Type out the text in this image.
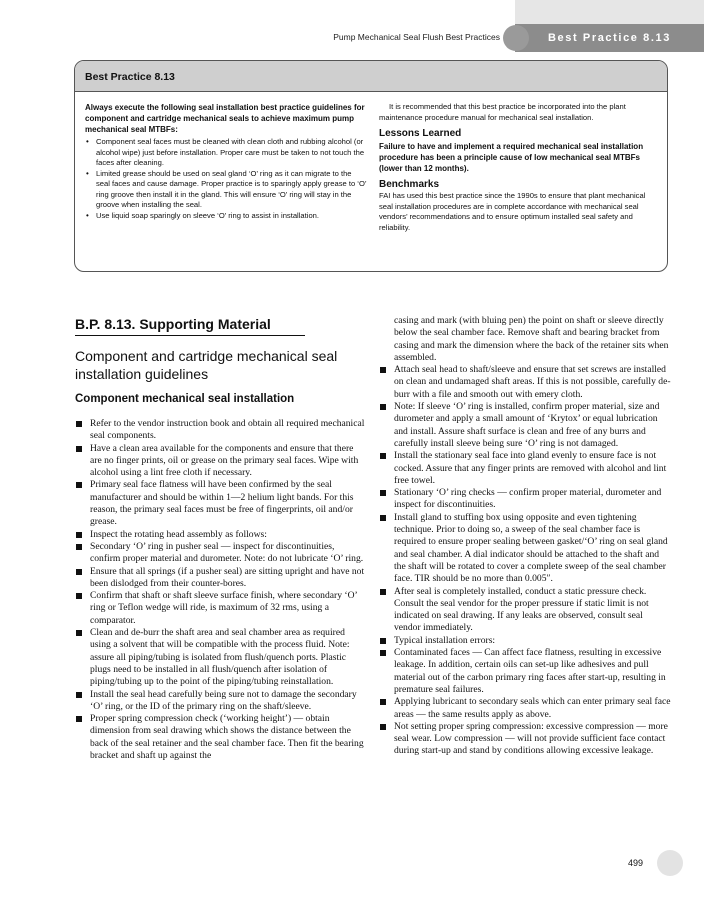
Pump Mechanical Seal Flush Best Practices	Best Practice 8.13
Best Practice 8.13

Always execute the following seal installation best practice guidelines for component and cartridge mechanical seals to achieve maximum pump mechanical seal MTBFs:

• Component seal faces must be cleaned with clean cloth and rubbing alcohol (or alcohol wipe) just before installation. Proper care must be taken to not touch the faces after cleaning.
• Limited grease should be used on seal gland ‘O’ ring as it can migrate to the seal faces and cause damage. Proper practice is to sparingly apply grease to ‘O’ ring groove then install it in the gland. This will ensure ‘O’ ring will stay in the groove when installing the seal.
• Use liquid soap sparingly on sleeve ‘O’ ring to assist in installation.

It is recommended that this best practice be incorporated into the plant maintenance procedure manual for mechanical seal installation.

Lessons Learned

Failure to have and implement a required mechanical seal installation procedure has been a principle cause of low mechanical seal MTBFs (lower than 12 months).

Benchmarks

FAI has used this best practice since the 1990s to ensure that plant mechanical seal installation procedures are in complete accordance with mechanical seal vendors’ recommendations and to ensure optimum installed seal safety and reliability.

B.P. 8.13. Supporting Material
Component and cartridge mechanical seal installation guidelines
Component mechanical seal installation
Refer to the vendor instruction book and obtain all required mechanical seal components.
Have a clean area available for the components and ensure that there are no finger prints, oil or grease on the primary seal faces. Wipe with alcohol using a lint free cloth if necessary.
Primary seal face flatness will have been confirmed by the seal manufacturer and should be within 1—2 helium light bands. For this reason, the primary seal faces must be free of fingerprints, oil and/or grease.
Inspect the rotating head assembly as follows:
Secondary ‘O’ ring in pusher seal — inspect for discontinuities, confirm proper material and durometer. Note: do not lubricate ‘O’ ring.
Ensure that all springs (if a pusher seal) are sitting upright and have not been dislodged from their counter-bores.
Confirm that shaft or shaft sleeve surface finish, where secondary ‘O’ ring or Teflon wedge will ride, is maximum of 32 rms, using a comparator.
Clean and de-burr the shaft area and seal chamber area as required using a solvent that will be compatible with the process fluid. Note: assure all piping/tubing is isolated from flush/quench ports. Plastic plugs need to be installed in all flush/quench after isolation of piping/tubing up to the point of the piping/tubing reinstallation.
Install the seal head carefully being sure not to damage the secondary ‘O’ ring, or the ID of the primary ring on the shaft/sleeve.
Proper spring compression check (‘working height’) — obtain dimension from seal drawing which shows the distance between the back of the seal retainer and the seal chamber face. Then fit the bearing bracket and shaft up against the

casing and mark (with bluing pen) the point on shaft or sleeve directly below the seal chamber face. Remove shaft and bearing bracket from casing and mark the dimension where the back of the retainer sits when assembled.

Attach seal head to shaft/sleeve and ensure that set screws are installed on clean and undamaged shaft areas. If this is not possible, carefully de-burr with a file and smooth out with emery cloth.
Note: If sleeve ‘O’ ring is installed, confirm proper material, size and durometer and apply a small amount of ‘Krytox’ or equal lubrication and install. Assure shaft surface is clean and free of any burrs and carefully install sleeve being sure ‘O’ ring is not damaged.
Install the stationary seal face into gland evenly to ensure face is not cocked. Assure that any finger prints are removed with alcohol and lint free towel.
Stationary ‘O’ ring checks — confirm proper material, durometer and inspect for discontinuities.
Install gland to stuffing box using opposite and even tightening technique. Prior to doing so, a sweep of the seal chamber face is required to ensure proper sealing between gasket/‘O’ ring on seal gland and seal chamber. A dial indicator should be attached to the shaft and the shaft will be rotated to cover a complete sweep of the seal chamber face. TIR should be no more than 0.005″.
After seal is completely installed, conduct a static pressure check. Consult the seal vendor for the proper pressure if static limit is not indicated on seal drawing. If any leaks are observed, consult seal vendor immediately.
Typical installation errors:
Contaminated faces — Can affect face flatness, resulting in excessive leakage. In addition, certain oils can set-up like adhesives and pull material out of the carbon primary ring faces after start-up, resulting in premature seal failures.
Applying lubricant to secondary seals which can enter primary seal face areas — the same results apply as above.
Not setting proper spring compression: excessive compression — more seal wear. Low compression — will not provide sufficient face contact during start-up and stand by conditions allowing excessive leakage.
499
